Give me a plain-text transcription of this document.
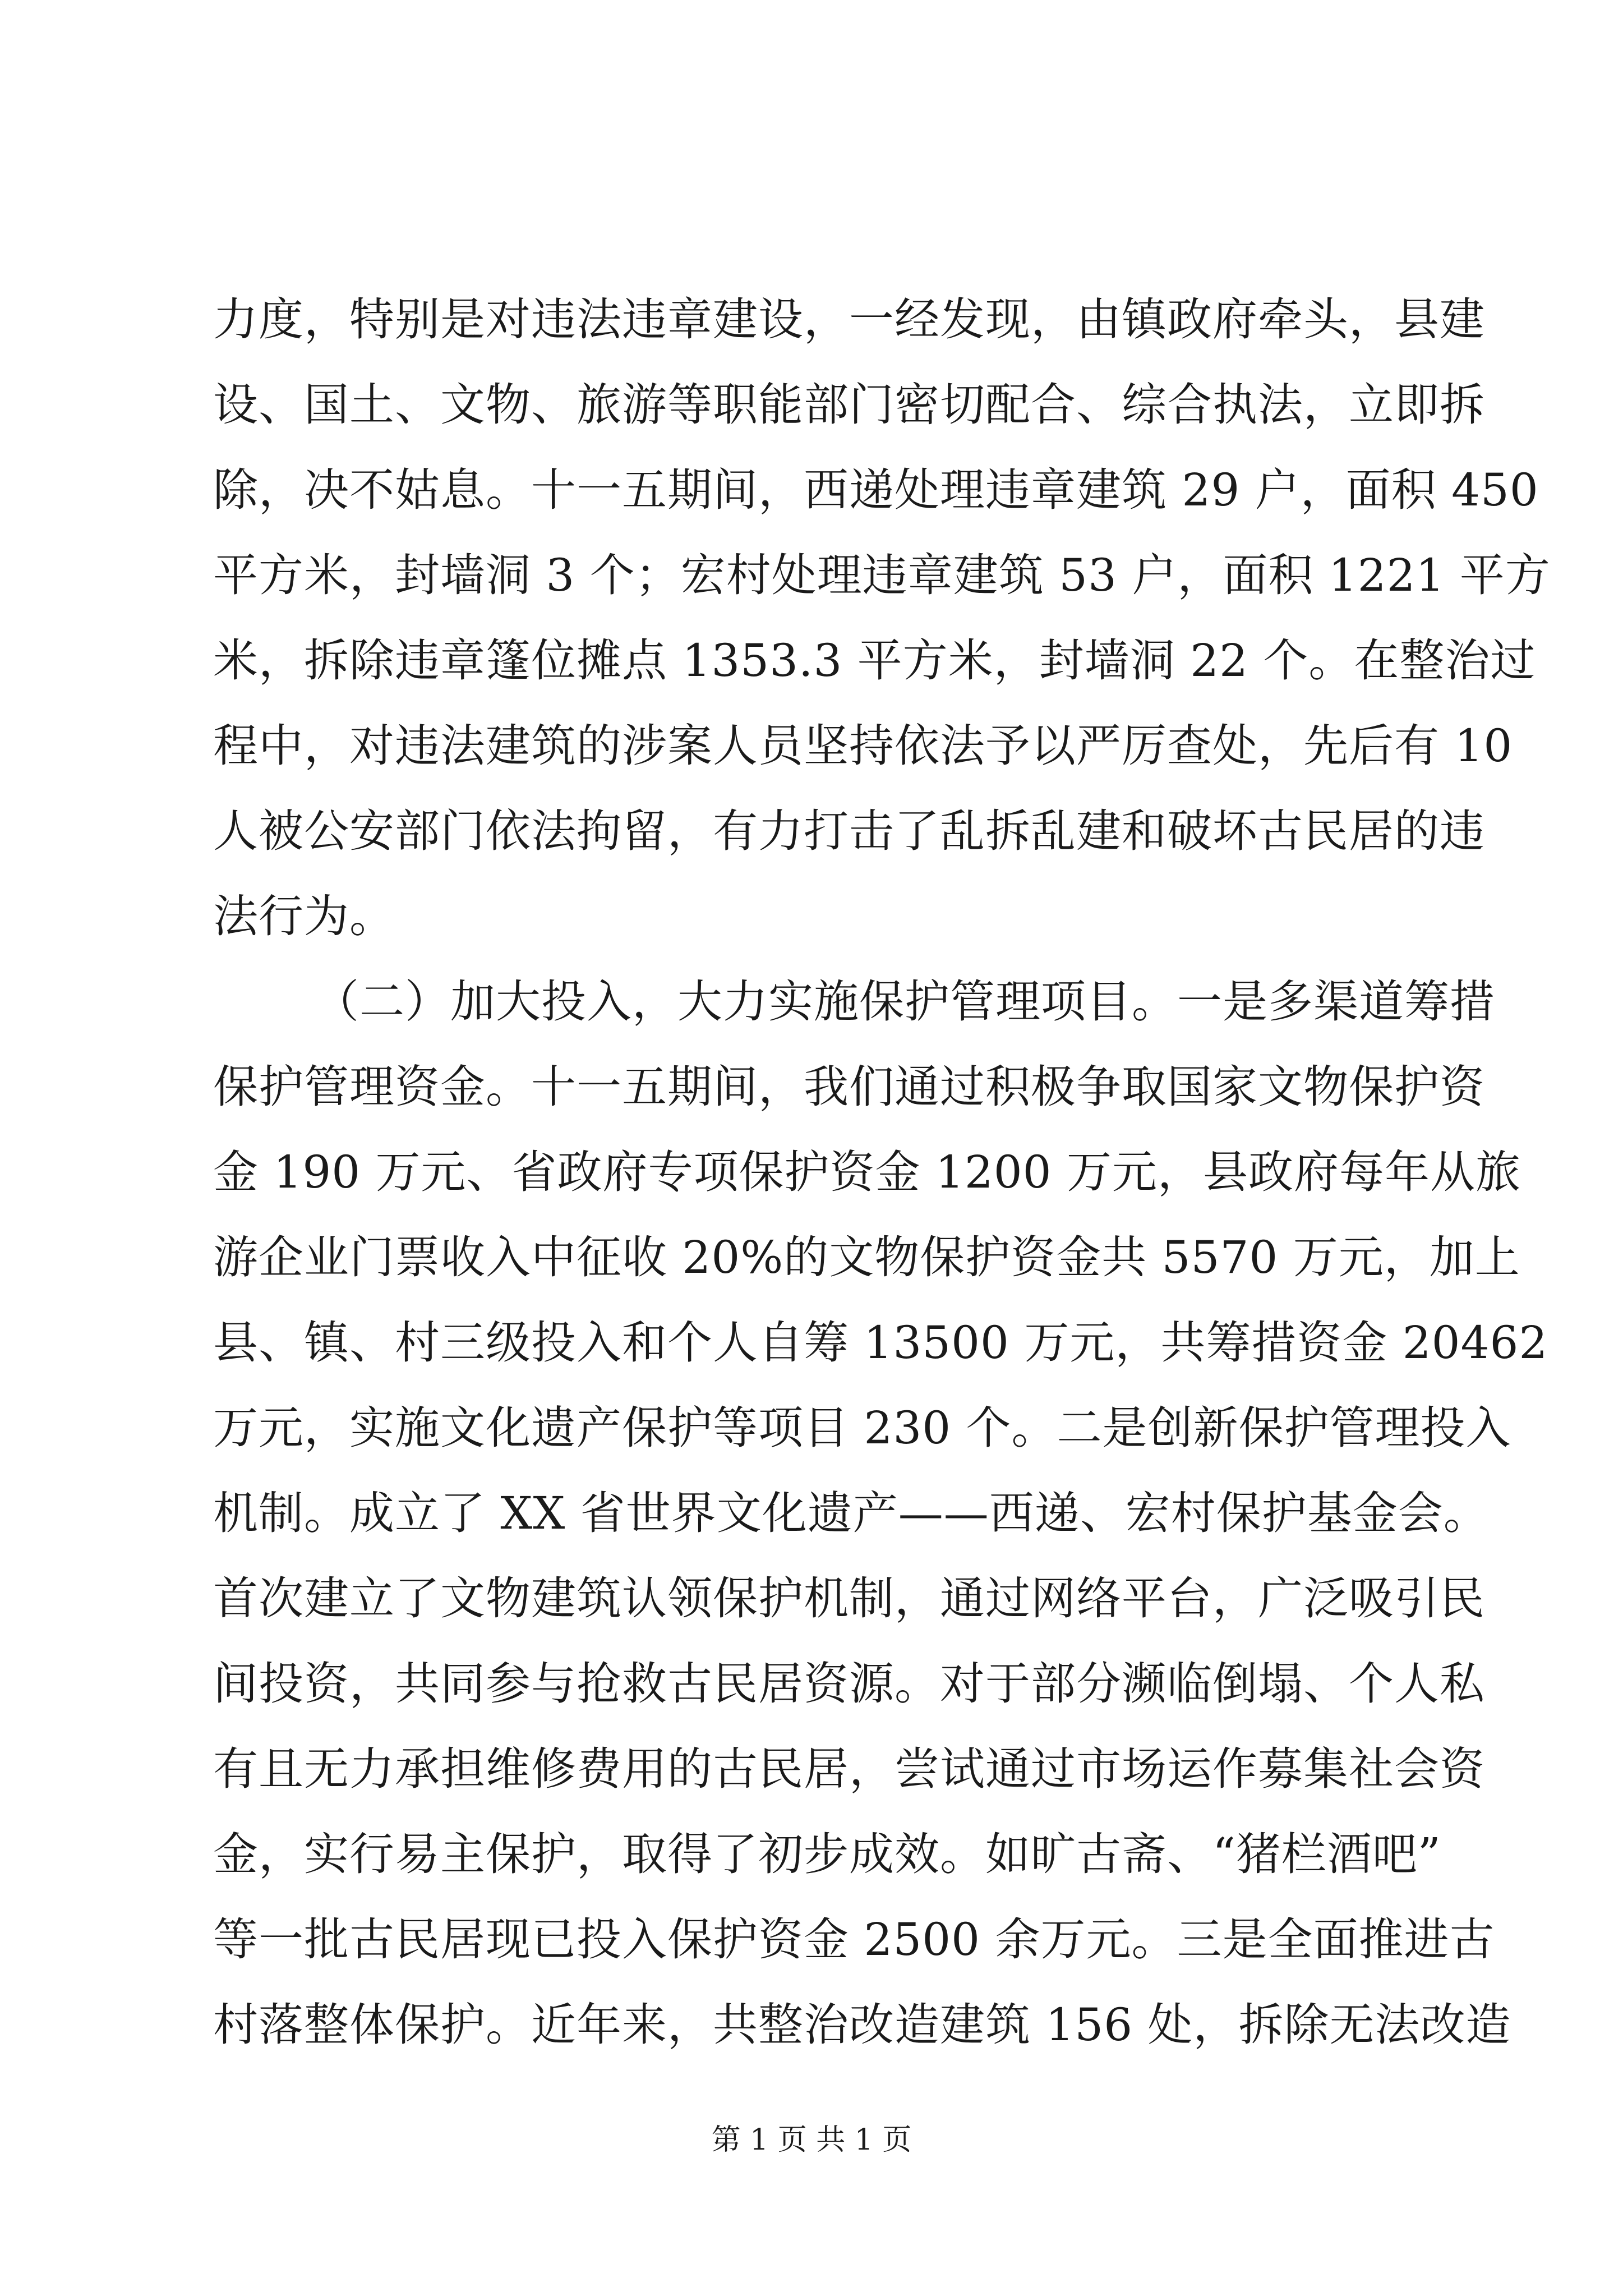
力度，特别是对违法违章建设，一经发现，由镇政府牵头，县建
设、国土、文物、旅游等职能部门密切配合、综合执法，立即拆
除，决不姑息。十一五期间，西递处理违章建筑 29 户，面积 450
平方米，封墙洞 3 个；宏村处理违章建筑 53 户，面积 1221 平方
米，拆除违章篷位摊点 1353.3 平方米，封墙洞 22 个。在整治过
程中，对违法建筑的涉案人员坚持依法予以严厉查处，先后有 10
人被公安部门依法拘留，有力打击了乱拆乱建和破坏古民居的违
法行为。
（二）加大投入，大力实施保护管理项目。一是多渠道筹措
保护管理资金。十一五期间，我们通过积极争取国家文物保护资
金 190 万元、省政府专项保护资金 1200 万元，县政府每年从旅
游企业门票收入中征收 20%的文物保护资金共 5570 万元，加上
县、镇、村三级投入和个人自筹 13500 万元，共筹措资金 20462
万元，实施文化遗产保护等项目 230 个。二是创新保护管理投入
机制。成立了 XX 省世界文化遗产——西递、宏村保护基金会。
首次建立了文物建筑认领保护机制，通过网络平台，广泛吸引民
间投资，共同参与抢救古民居资源。对于部分濒临倒塌、个人私
有且无力承担维修费用的古民居，尝试通过市场运作募集社会资
金，实行易主保护，取得了初步成效。如旷古斋、“猪栏酒吧”
等一批古民居现已投入保护资金 2500 余万元。三是全面推进古
村落整体保护。近年来，共整治改造建筑 156 处，拆除无法改造
第 1 页 共 1 页
